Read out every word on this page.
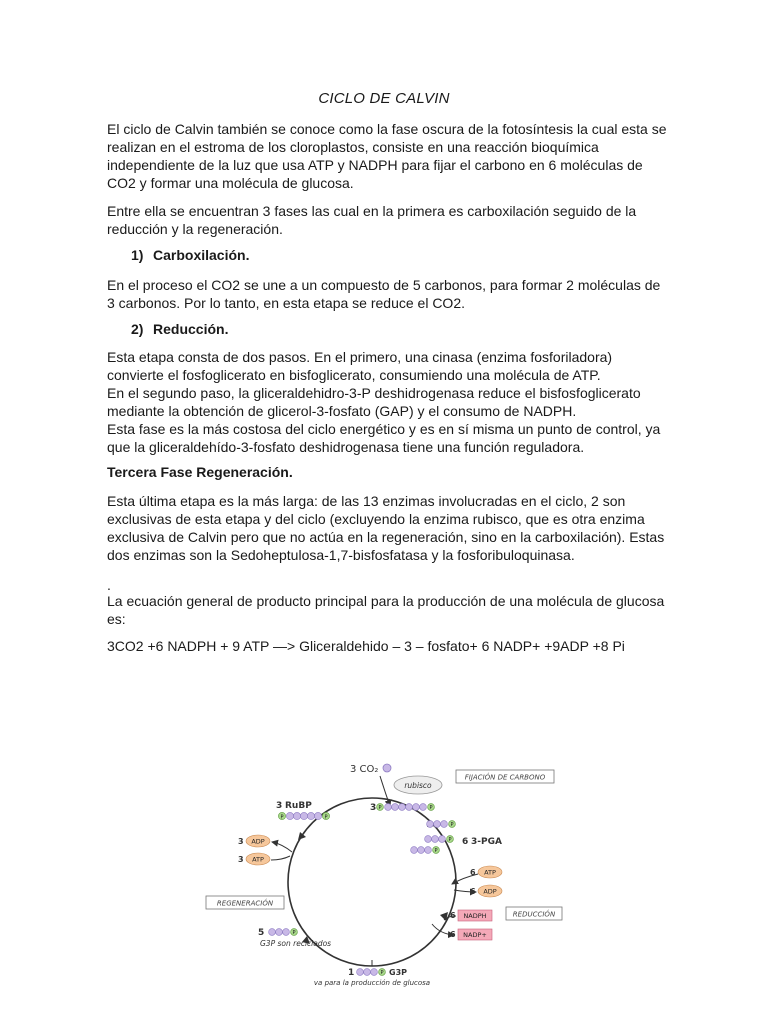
CICLO DE CALVIN
El ciclo de Calvin también se conoce como la fase oscura de la fotosíntesis la cual esta se
realizan en el estroma de los cloroplastos, consiste en una reacción bioquímica
independiente de la luz que usa ATP y NADPH para fijar el carbono en 6 moléculas de
CO2 y formar una molécula de glucosa.
Entre ella se encuentran 3 fases las cual en la primera es carboxilación seguido de la
reducción y la regeneración.
1) Carboxilación.
En el proceso el CO2 se une a un compuesto de 5 carbonos, para formar 2 moléculas de
3 carbonos. Por lo tanto, en esta etapa se reduce el CO2.
2) Reducción.
Esta etapa consta de dos pasos. En el primero, una cinasa (enzima fosforiladora)
convierte el fosfoglicerato en bisfoglicerato, consumiendo una molécula de ATP.
En el segundo paso, la gliceraldehidro-3-P deshidrogenasa reduce el bisfosfoglicerato
mediante la obtención de glicerol-3-fosfato (GAP) y el consumo de NADPH.
Esta fase es la más costosa del ciclo energético y es en sí misma un punto de control, ya
que la gliceraldehído-3-fosfato deshidrogenasa tiene una función reguladora.
Tercera Fase Regeneración.
Esta última etapa es la más larga: de las 13 enzimas involucradas en el ciclo, 2 son
exclusivas de esta etapa y del ciclo (excluyendo la enzima rubisco, que es otra enzima
exclusiva de Calvin pero que no actúa en la regeneración, sino en la carboxilación). Estas
dos enzimas son la Sedoheptulosa-1,7-bisfosfatasa y la fosforibuloquinasa.
.
La ecuación general de producto principal para la producción de una molécula de glucosa
es:
3CO2 +6 NADPH + 9 ATP —> Gliceraldehido – 3 – fosfato+ 6 NADP+ +9ADP +8 Pi
3 CO₂
rubisco
FIJACIÓN DE CARBONO
3 RuBP
P	P
3 P	P
P
P
P
6 3-PGA
6 ATP
6 ADP
6 NADPH
6 NADP+
REDUCCIÓN
3 ADP
3 ATP
REGENERACIÓN
5	P
G3P son reciclados
1	P G3P
va para la producción de glucosa
